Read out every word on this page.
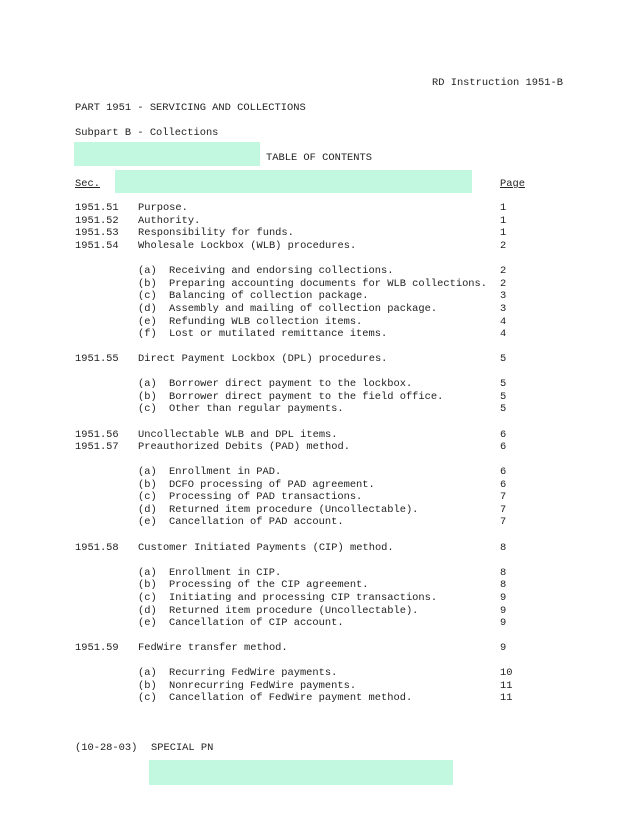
RD Instruction 1951-B
PART 1951 - SERVICING AND COLLECTIONS
Subpart B - Collections
TABLE OF CONTENTS
Sec.	Page
1951.51 Purpose.	1
1951.52 Authority.	1
1951.53 Responsibility for funds.	1
1951.54 Wholesale Lockbox (WLB) procedures.	2
(a) Receiving and endorsing collections.	2
(b) Preparing accounting documents for WLB collections. 2
(c) Balancing of collection package.	3
(d) Assembly and mailing of collection package.	3
(e) Refunding WLB collection items.	4
(f) Lost or mutilated remittance items.	4
1951.55 Direct Payment Lockbox (DPL) procedures.	5
(a) Borrower direct payment to the lockbox.	5
(b) Borrower direct payment to the field office.	5
(c) Other than regular payments.	5
1951.56 Uncollectable WLB and DPL items.	6
1951.57 Preauthorized Debits (PAD) method.	6
(a) Enrollment in PAD.	6
(b) DCFO processing of PAD agreement.	6
(c) Processing of PAD transactions.	7
(d) Returned item procedure (Uncollectable).	7
(e) Cancellation of PAD account.	7
1951.58 Customer Initiated Payments (CIP) method.	8
(a) Enrollment in CIP.	8
(b) Processing of the CIP agreement.	8
(c) Initiating and processing CIP transactions.	9
(d) Returned item procedure (Uncollectable).	9
(e) Cancellation of CIP account.	9
1951.59 FedWire transfer method.	9
(a) Recurring FedWire payments.	10
(b) Nonrecurring FedWire payments.	11
(c) Cancellation of FedWire payment method.	11
(10-28-03) SPECIAL PN
